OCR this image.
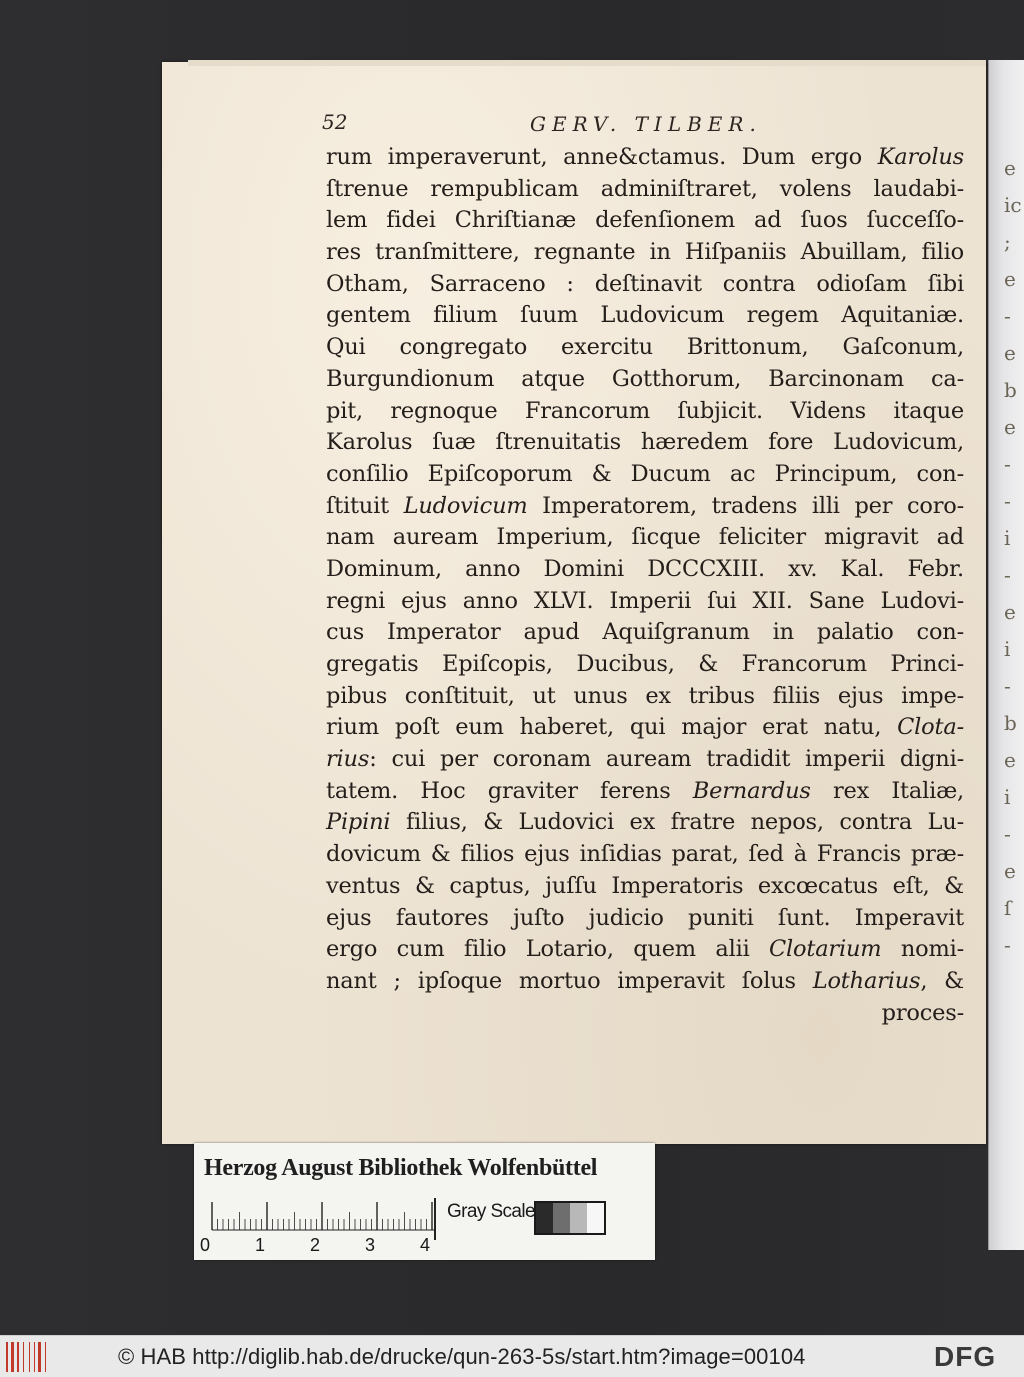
e
ic
;
e
-
e
b
e
-
-
i
-
e
i
-
b
e
i
-
e
ſ
-
52	GERV. TILBER.
rum imperaverunt, anne&ctamus. Dum ergo Karolus
ſtrenue rempublicam adminiſtraret, volens laudabi-
lem fidei Chriſtianæ defenſionem ad ſuos ſucceſſo-
res tranſmittere, regnante in Hiſpaniis Abuillam, filio
Otham, Sarraceno : deſtinavit contra odioſam ſibi
gentem filium ſuum Ludovicum regem Aquitaniæ.
Qui congregato exercitu Brittonum, Gaſconum,
Burgundionum atque Gotthorum, Barcinonam ca-
pit, regnoque Francorum ſubjicit. Videns itaque
Karolus ſuæ ſtrenuitatis hæredem fore Ludovicum,
conſilio Epiſcoporum & Ducum ac Principum, con-
ſtituit Ludovicum Imperatorem, tradens illi per coro-
nam auream Imperium, ſicque feliciter migravit ad
Dominum, anno Domini DCCCXIII. xv. Kal. Febr.
regni ejus anno XLVI. Imperii ſui XII. Sane Ludovi-
cus Imperator apud Aquiſgranum in palatio con-
gregatis Epiſcopis, Ducibus, & Francorum Princi-
pibus conſtituit, ut unus ex tribus filiis ejus impe-
rium poſt eum haberet, qui major erat natu, Clota-
rius: cui per coronam auream tradidit imperii digni-
tatem. Hoc graviter ferens Bernardus rex Italiæ,
Pipini filius, & Ludovici ex fratre nepos, contra Lu-
dovicum & filios ejus inſidias parat, ſed à Francis præ-
ventus & captus, juſſu Imperatoris excœcatus eſt, &
ejus fautores juſto judicio puniti ſunt. Imperavit
ergo cum filio Lotario, quem alii Clotarium nomi-
nant ; ipſoque mortuo imperavit ſolus Lotharius, &
proces-
Herzog August Bibliothek Wolfenbüttel
0 1 2 3 4
Gray Scale
© HAB http://diglib.hab.de/drucke/qun-263-5s/start.htm?image=00104	DFG
